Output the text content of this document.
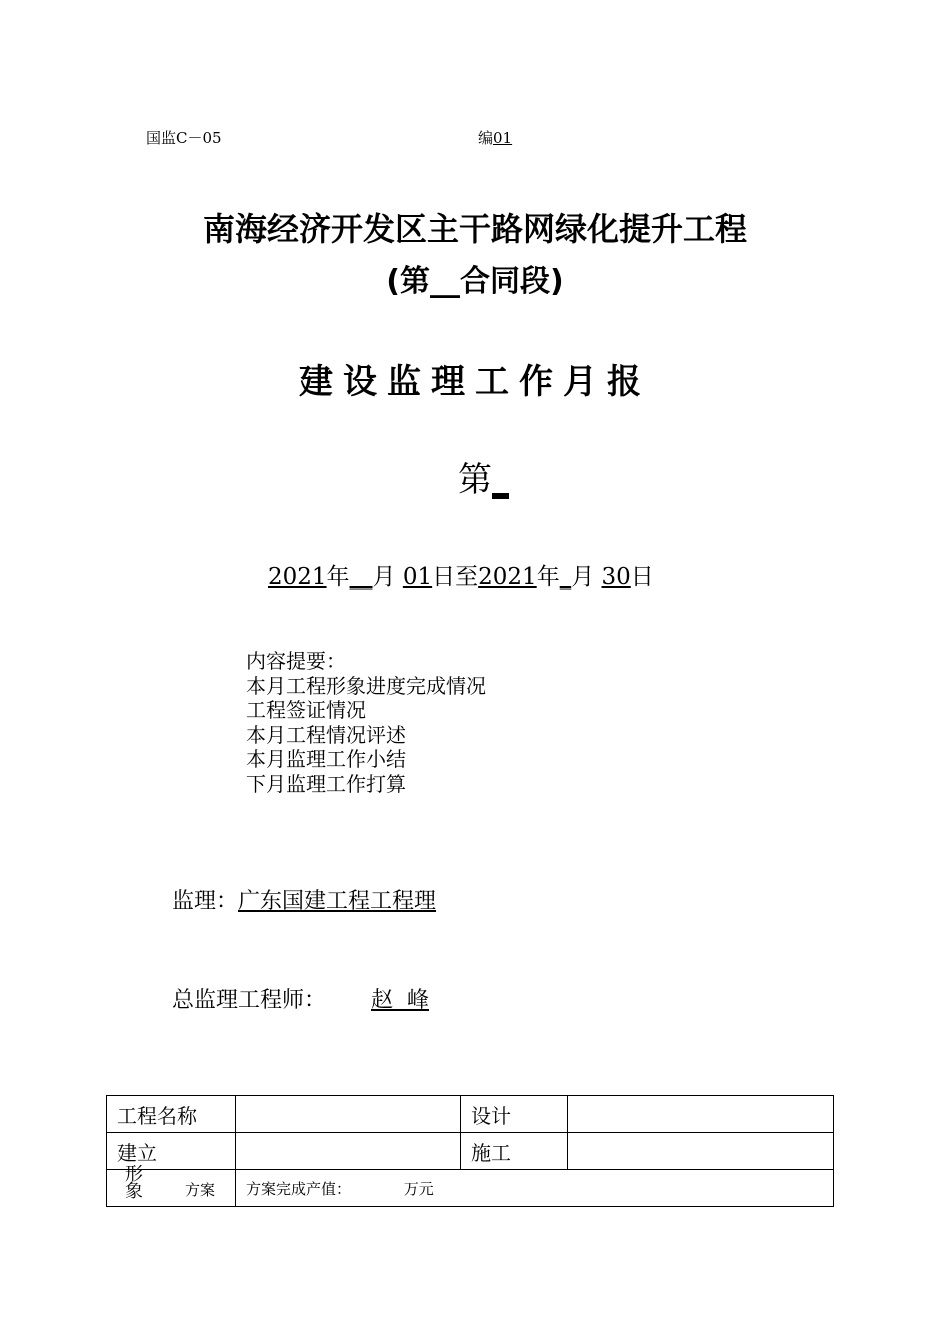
国监C－05	编01
南海经济开发区主干路网绿化提升工程
(第__合同段)
建设监理工作月报
第_
2021年__月 01日至2021年_月 30日
内容提要：
本月工程形象进度完成情况
工程签证情况
本月工程情况评述
本月监理工作小结
下月监理工作打算
监理：广东国建工程工程理
总监理工程师： 赵  峰
工程名称		设计	
建立		施工	

形象 方案	方案完成产值： 万元		
